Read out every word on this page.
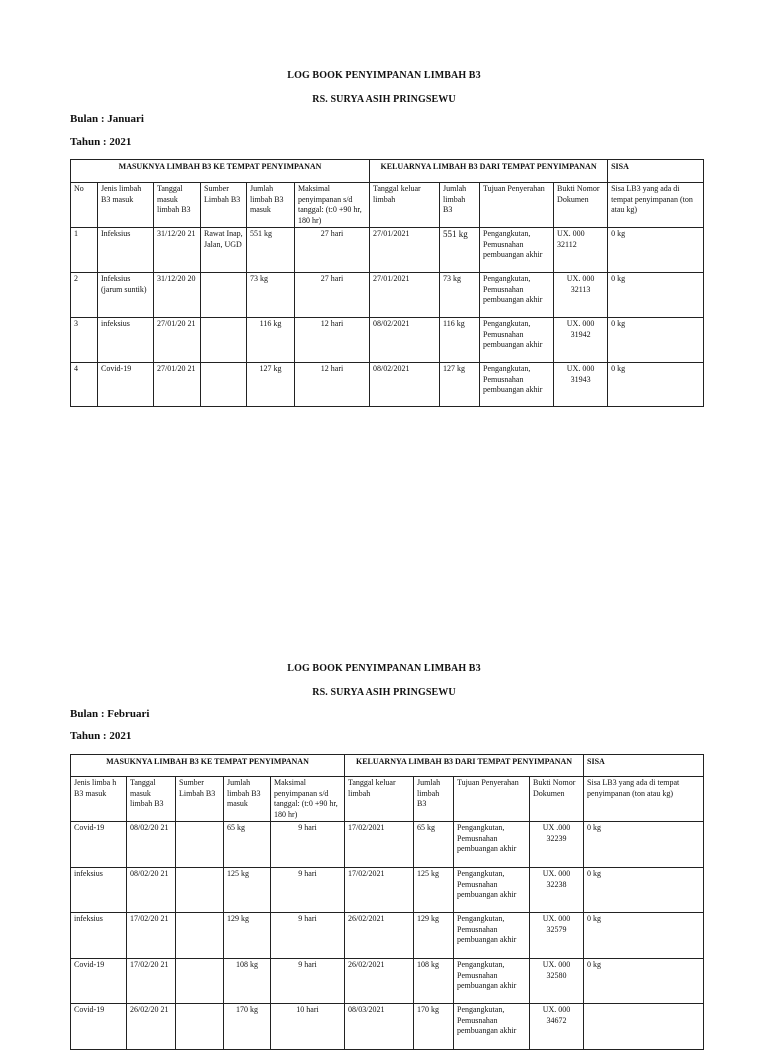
LOG BOOK PENYIMPANAN LIMBAH B3
RS. SURYA ASIH PRINGSEWU
Bulan : Januari
Tahun : 2021
MASUKNYA LIMBAH B3 KE TEMPAT PENYIMPANAN						KELUARNYA LIMBAH B3 DARI TEMPAT PENYIMPANAN				SISA
No	Jenis limbah B3 masuk	Tanggal masuk limbah B3	Sumber Limbah B3	Jumlah limbah B3 masuk	Maksimal penyimpanan s/d tanggal: (t:0 +90 hr, 180 hr)	Tanggal keluar limbah	Jumlah limbah B3	Tujuan Penyerahan	Bukti Nomor Dokumen	Sisa LB3 yang ada di tempat penyimpanan (ton atau kg)
1	Infeksius	31/12/20 21	Rawat Inap, Jalan, UGD	551 kg	27 hari	27/01/2021	551 kg	Pengangkutan, Pemusnahan pembuangan akhir	UX. 000 32112	0 kg
2	Infeksius (jarum suntik)	31/12/20 20		73 kg	27 hari	27/01/2021	73 kg	Pengangkutan, Pemusnahan pembuangan akhir	UX. 000 32113	0 kg
3	infeksius	27/01/20 21		116 kg	12 hari	08/02/2021	116 kg	Pengangkutan, Pemusnahan pembuangan akhir	UX. 000 31942	0 kg
4	Covid-19	27/01/20 21		127 kg	12 hari	08/02/2021	127 kg	Pengangkutan, Pemusnahan pembuangan akhir	UX. 000 31943	0 kg
LOG BOOK PENYIMPANAN LIMBAH B3
RS. SURYA ASIH PRINGSEWU
Bulan : Februari
Tahun : 2021
MASUKNYA LIMBAH B3 KE TEMPAT PENYIMPANAN					KELUARNYA LIMBAH B3 DARI TEMPAT PENYIMPANAN				SISA
Jenis limba h B3 masuk	Tanggal masuk limbah B3	Sumber Limbah B3	Jumlah limbah B3 masuk	Maksimal penyimpanan s/d tanggal: (t:0 +90 hr, 180 hr)	Tanggal keluar limbah	Jumlah limbah B3	Tujuan Penyerahan	Bukti Nomor Dokumen	Sisa LB3 yang ada di tempat penyimpanan (ton atau kg)
Covid-19	08/02/20 21		65 kg	9 hari	17/02/2021	65 kg	Pengangkutan, Pemusnahan pembuangan akhir	UX .000 32239	0 kg
infeksius	08/02/20 21		125 kg	9 hari	17/02/2021	125 kg	Pengangkutan, Pemusnahan pembuangan akhir	UX. 000 32238	0 kg
infeksius	17/02/20 21		129 kg	9 hari	26/02/2021	129 kg	Pengangkutan, Pemusnahan pembuangan akhir	UX. 000 32579	0 kg
Covid-19	17/02/20 21		108 kg	9 hari	26/02/2021	108 kg	Pengangkutan, Pemusnahan pembuangan akhir	UX. 000 32580	0 kg
Covid-19	26/02/20 21		170 kg	10 hari	08/03/2021	170 kg	Pengangkutan, Pemusnahan pembuangan akhir	UX. 000 34672	
